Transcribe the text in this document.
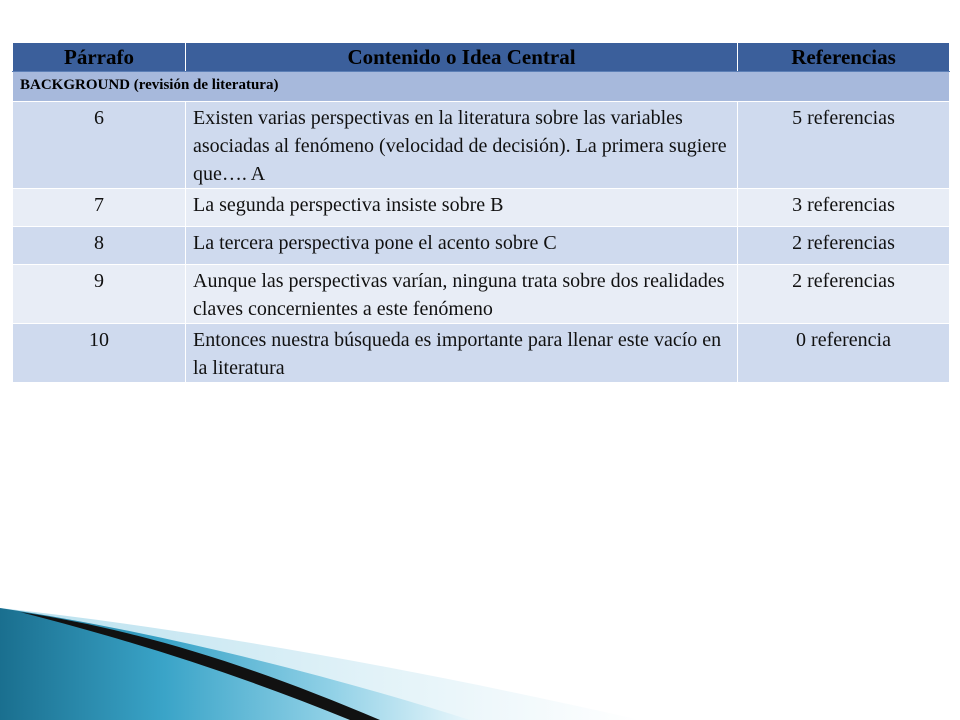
Párrafo	Contenido o Idea Central	Referencias
BACKGROUND (revisión de literatura)		
6	Existen varias perspectivas en la literatura sobre las variables asociadas al fenómeno (velocidad de decisión). La primera sugiere que…. A	5 referencias
7	La segunda perspectiva insiste sobre B	3 referencias
8	La tercera perspectiva pone el acento sobre C	2 referencias
9	Aunque las perspectivas varían, ninguna trata sobre dos realidades claves concernientes a este fenómeno	2 referencias
10	Entonces nuestra búsqueda es importante para llenar este vacío en la literatura	0 referencia
